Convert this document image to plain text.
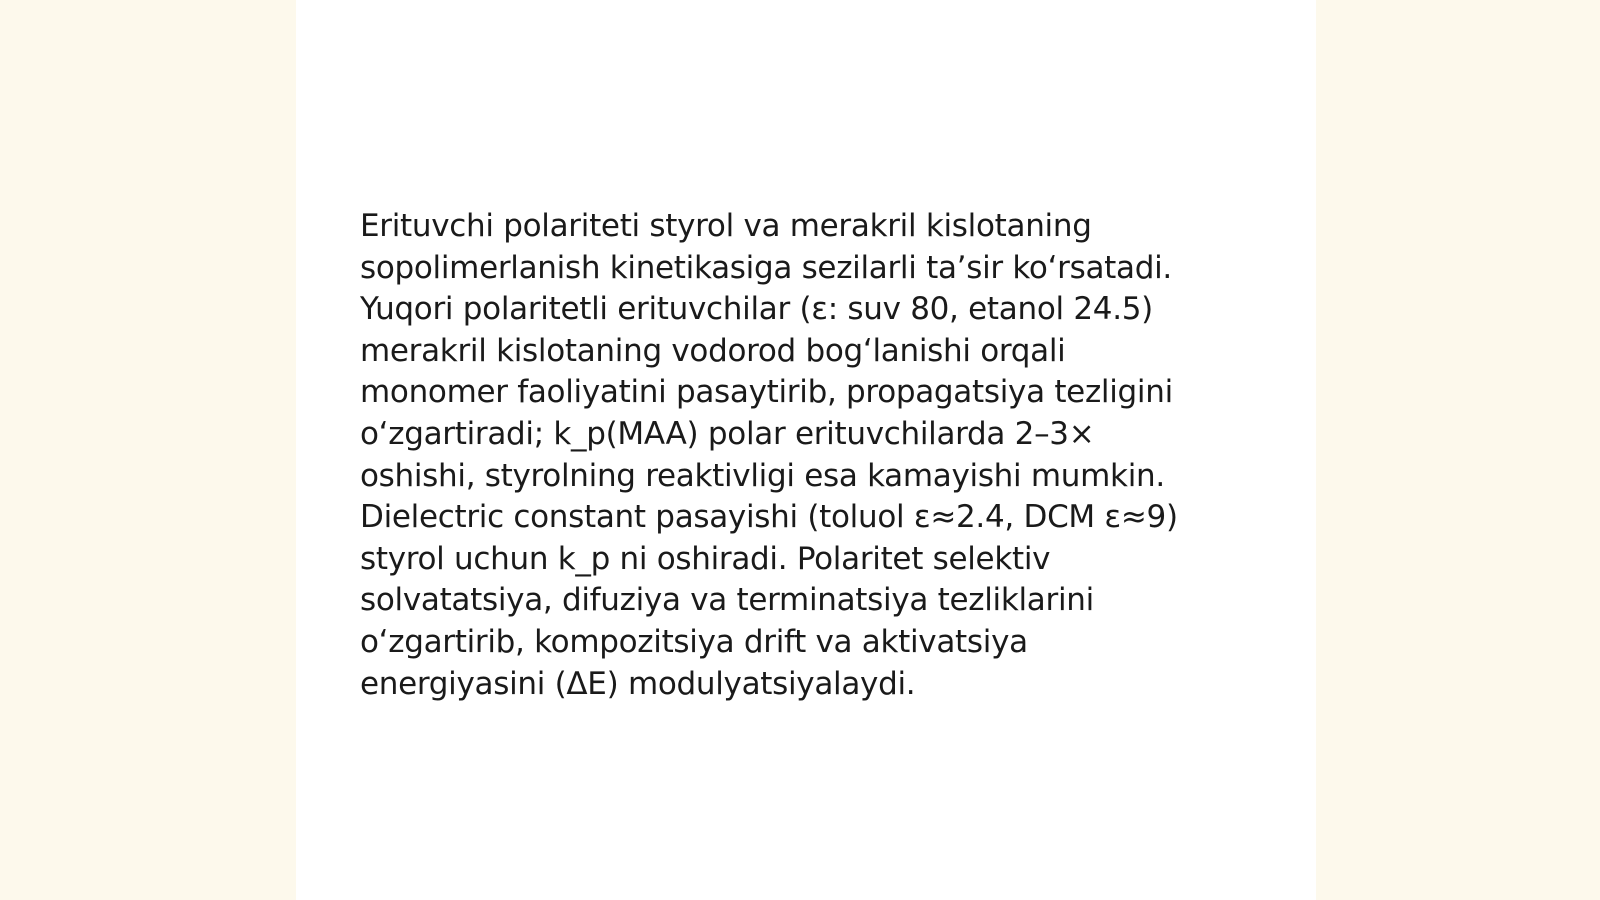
Erituvchi polariteti styrol va merakril kislotaning
sopolimerlanish kinetikasiga sezilarli ta’sir koʻrsatadi.
Yuqori polaritetli erituvchilar (ε: suv 80, etanol 24.5)
merakril kislotaning vodorod bogʻlanishi orqali
monomer faoliyatini pasaytirib, propagatsiya tezligini
oʻzgartiradi; k_p(MAA) polar erituvchilarda 2–3×
oshishi, styrolning reaktivligi esa kamayishi mumkin.
Dielectric constant pasayishi (toluol ε≈2.4, DCM ε≈9)
styrol uchun k_p ni oshiradi. Polaritet selektiv
solvatatsiya, difuziya va terminatsiya tezliklarini
oʻzgartirib, kompozitsiya drift va aktivatsiya
energiyasini (ΔE) modulyatsiyalaydi.
